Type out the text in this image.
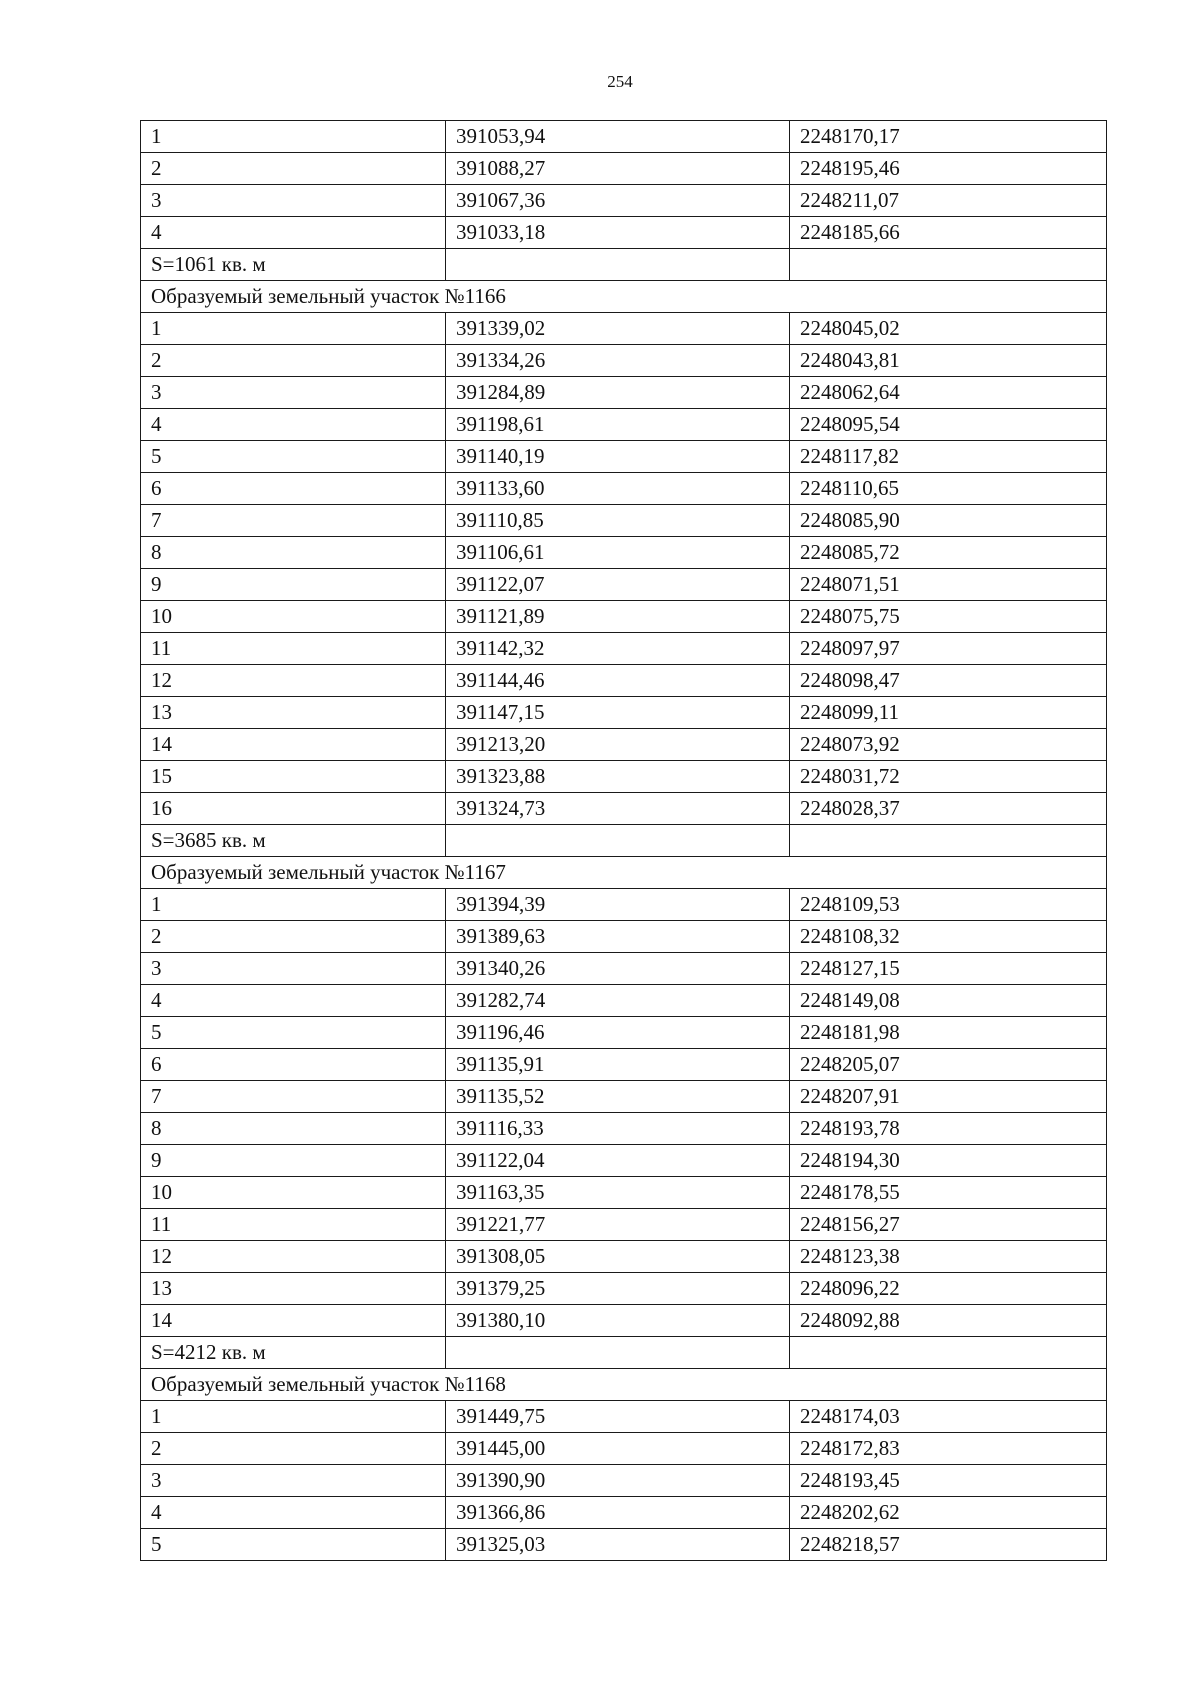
254
1	391053,94	2248170,17
2	391088,27	2248195,46
3	391067,36	2248211,07
4	391033,18	2248185,66
S=1061 кв. м		
Образуемый земельный участок №1166		
1	391339,02	2248045,02
2	391334,26	2248043,81
3	391284,89	2248062,64
4	391198,61	2248095,54
5	391140,19	2248117,82
6	391133,60	2248110,65
7	391110,85	2248085,90
8	391106,61	2248085,72
9	391122,07	2248071,51
10	391121,89	2248075,75
11	391142,32	2248097,97
12	391144,46	2248098,47
13	391147,15	2248099,11
14	391213,20	2248073,92
15	391323,88	2248031,72
16	391324,73	2248028,37
S=3685 кв. м		
Образуемый земельный участок №1167		
1	391394,39	2248109,53
2	391389,63	2248108,32
3	391340,26	2248127,15
4	391282,74	2248149,08
5	391196,46	2248181,98
6	391135,91	2248205,07
7	391135,52	2248207,91
8	391116,33	2248193,78
9	391122,04	2248194,30
10	391163,35	2248178,55
11	391221,77	2248156,27
12	391308,05	2248123,38
13	391379,25	2248096,22
14	391380,10	2248092,88
S=4212 кв. м		
Образуемый земельный участок №1168		
1	391449,75	2248174,03
2	391445,00	2248172,83
3	391390,90	2248193,45
4	391366,86	2248202,62
5	391325,03	2248218,57
